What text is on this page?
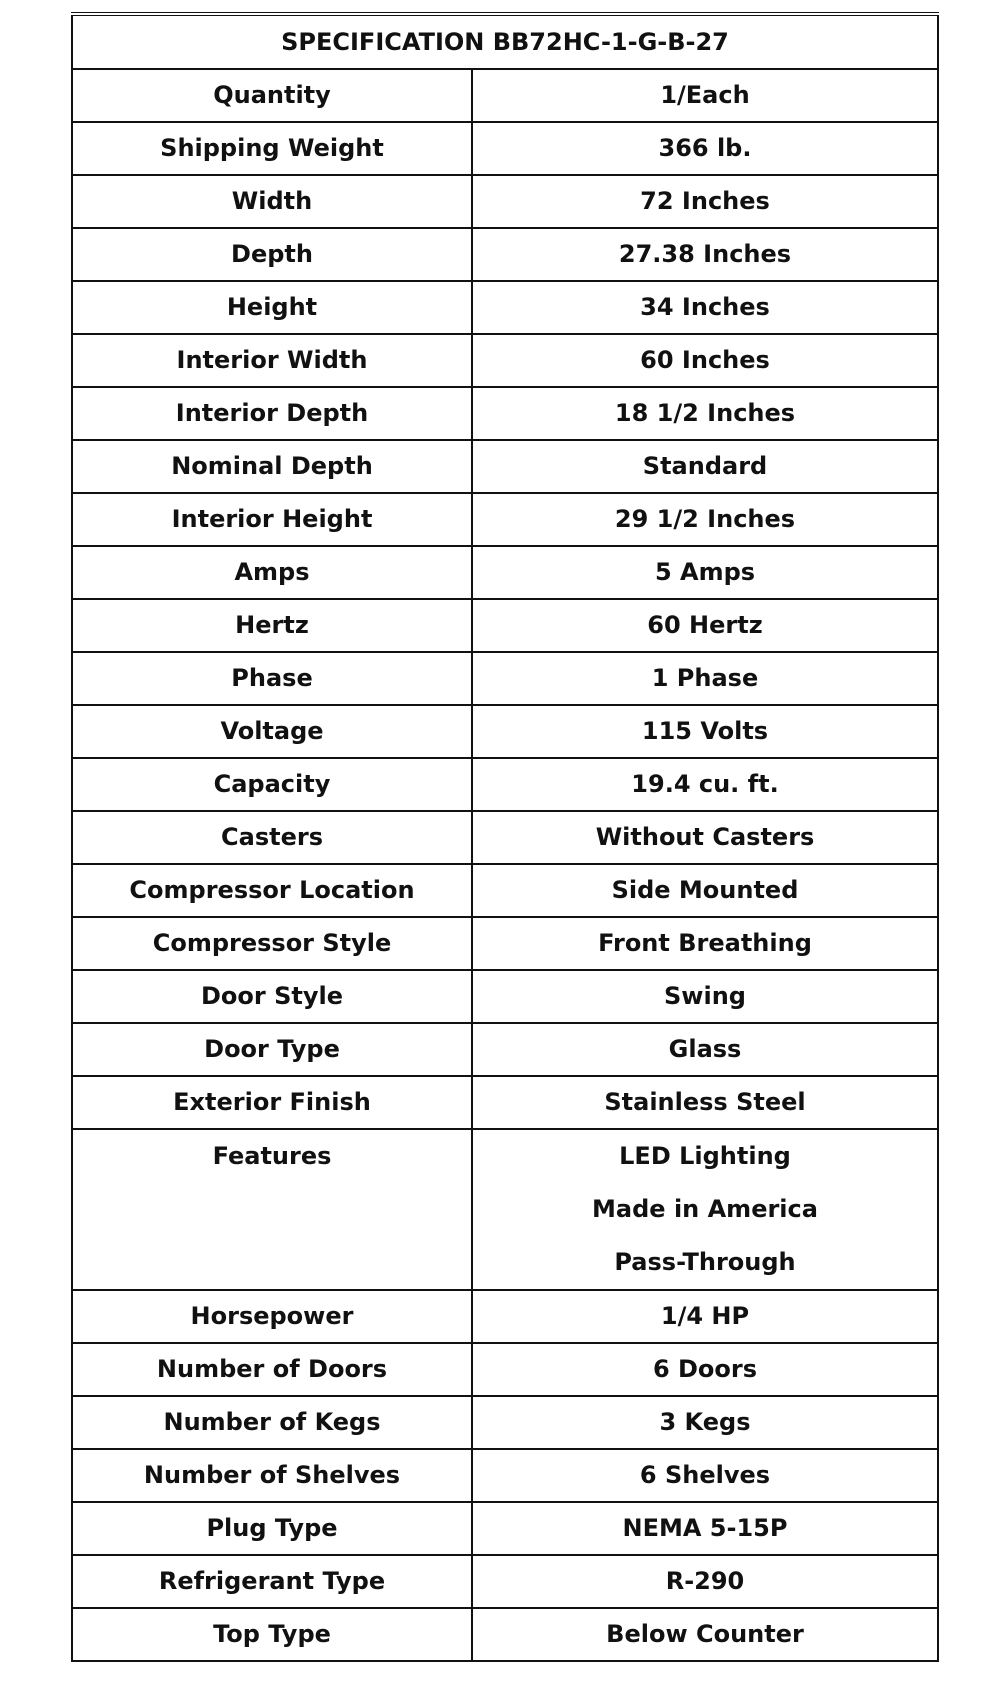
SPECIFICATION BB72HC-1-G-B-27	
Quantity	1/Each
Shipping Weight	366 lb.
Width	72 Inches
Depth	27.38 Inches
Height	34 Inches
Interior Width	60 Inches
Interior Depth	18 1/2 Inches
Nominal Depth	Standard
Interior Height	29 1/2 Inches
Amps	5 Amps
Hertz	60 Hertz
Phase	1 Phase
Voltage	115 Volts
Capacity	19.4 cu. ft.
Casters	Without Casters
Compressor Location	Side Mounted
Compressor Style	Front Breathing
Door Style	Swing
Door Type	Glass
Exterior Finish	Stainless Steel
Features	LED Lighting
Made in America
Pass-Through

Horsepower	1/4 HP
Number of Doors	6 Doors
Number of Kegs	3 Kegs
Number of Shelves	6 Shelves
Plug Type	NEMA 5-15P
Refrigerant Type	R-290
Top Type	Below Counter
